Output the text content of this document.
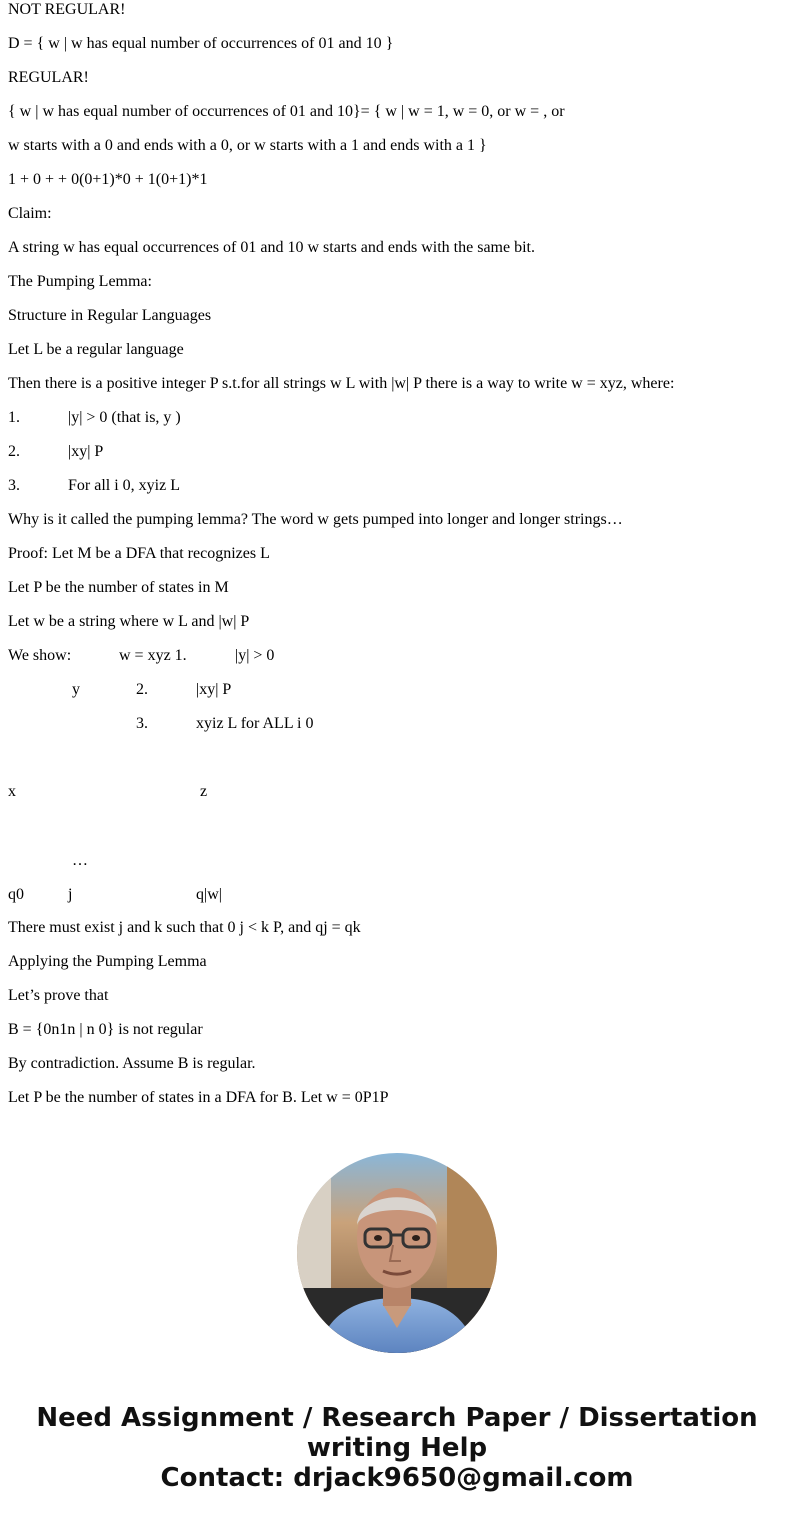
NOT REGULAR!

D = { w | w has equal number of occurrences of 01 and 10 }

REGULAR!

{ w | w has equal number of occurrences of 01 and 10}= { w | w = 1, w = 0, or w = , or

w starts with a 0 and ends with a 0, or w starts with a 1 and ends with a 1 }

1 + 0 + + 0(0+1)*0 + 1(0+1)*1

Claim:

A string w has equal occurrences of 01 and 10 w starts and ends with the same bit.

The Pumping Lemma:

Structure in Regular Languages

Let L be a regular language

Then there is a positive integer P s.t.for all strings w L with |w| P there is a way to write w = xyz, where:

1.	|y| > 0 (that is, y )
2.	|xy| P
3.	For all i 0, xyiz L

Why is it called the pumping lemma? The word w gets pumped into longer and longer strings…

Proof: Let M be a DFA that recognizes L

Let P be the number of states in M

Let w be a string where w L and |w| P

We show:	w = xyz 1.	|y| > 0
y	2.	|xy| P
3.	xyiz L for ALL i 0
x	z
…
q0	j	q|w|

There must exist j and k such that 0 j < k P, and qj = qk

Applying the Pumping Lemma

Let’s prove that

B = {0n1n | n 0} is not regular

By contradiction. Assume B is regular.

Let P be the number of states in a DFA for B. Let w = 0P1P

Need Assignment / Research Paper / Dissertation writing Help
Contact: drjack9650@gmail.com
